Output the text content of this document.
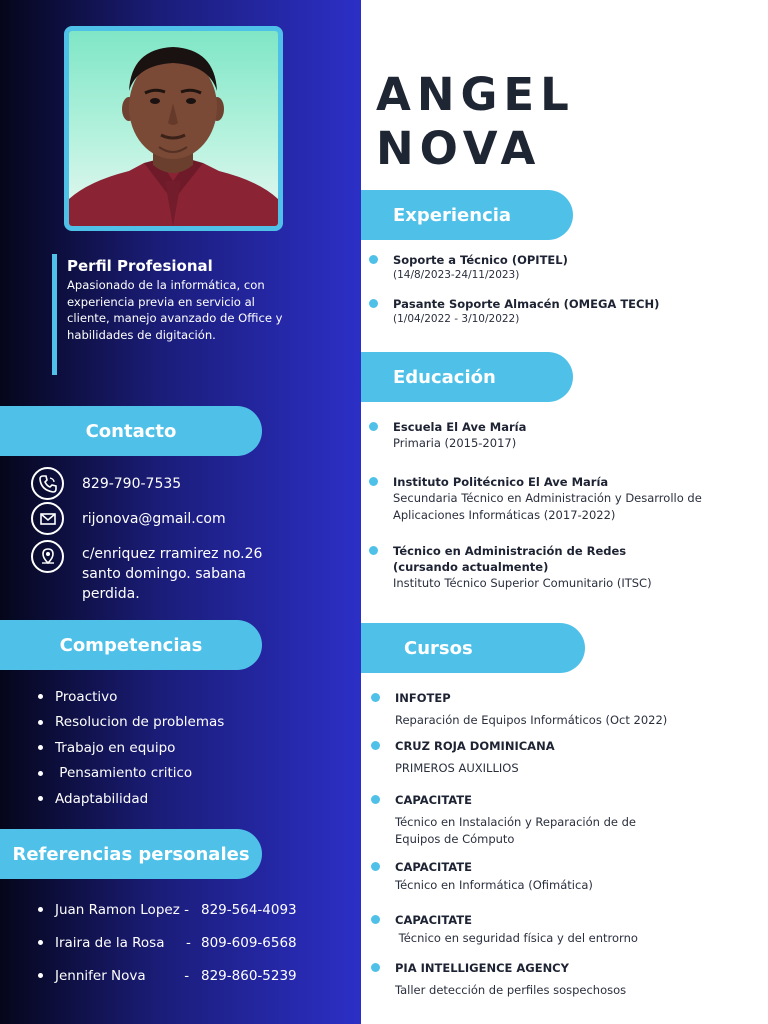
Perfil Profesional
Apasionado de la informática, con experiencia previa en servicio al cliente, manejo avanzado de Office y habilidades de digitación.
Contacto
829-790-7535
rijonova@gmail.com
c/enriquez rramirez no.26 santo domingo. sabana perdida.
Competencias
Proactivo
Resolucion de problemas
Trabajo en equipo
Pensamiento critico
Adaptabilidad
Referencias personales
Juan Ramon Lopez - 829-564-4093
Iraira de la Rosa     - 809-609-6568
Jennifer Nova         - 829-860-5239
ANGEL
NOVA
Experiencia
Soporte a Técnico (OPITEL)
(14/8/2023-24/11/2023)
Pasante Soporte Almacén (OMEGA TECH)
(1/04/2022 - 3/10/2022)
Educación
Escuela El Ave María
Primaria (2015-2017)
Instituto Politécnico El Ave María
Secundaria Técnico en Administración y Desarrollo de Aplicaciones Informáticas (2017-2022)
Técnico en Administración de Redes (cursando actualmente)
Instituto Técnico Superior Comunitario (ITSC)
Cursos
INFOTEP
Reparación de Equipos Informáticos (Oct 2022)
CRUZ ROJA DOMINICANA
PRIMEROS AUXILLIOS
CAPACITATE
Técnico en Instalación y Reparación de de Equipos de Cómputo
CAPACITATE
Técnico en Informática (Ofimática)
CAPACITATE
Técnico en seguridad física y del entrorno
PIA INTELLIGENCE AGENCY
Taller detección de perfiles sospechosos
